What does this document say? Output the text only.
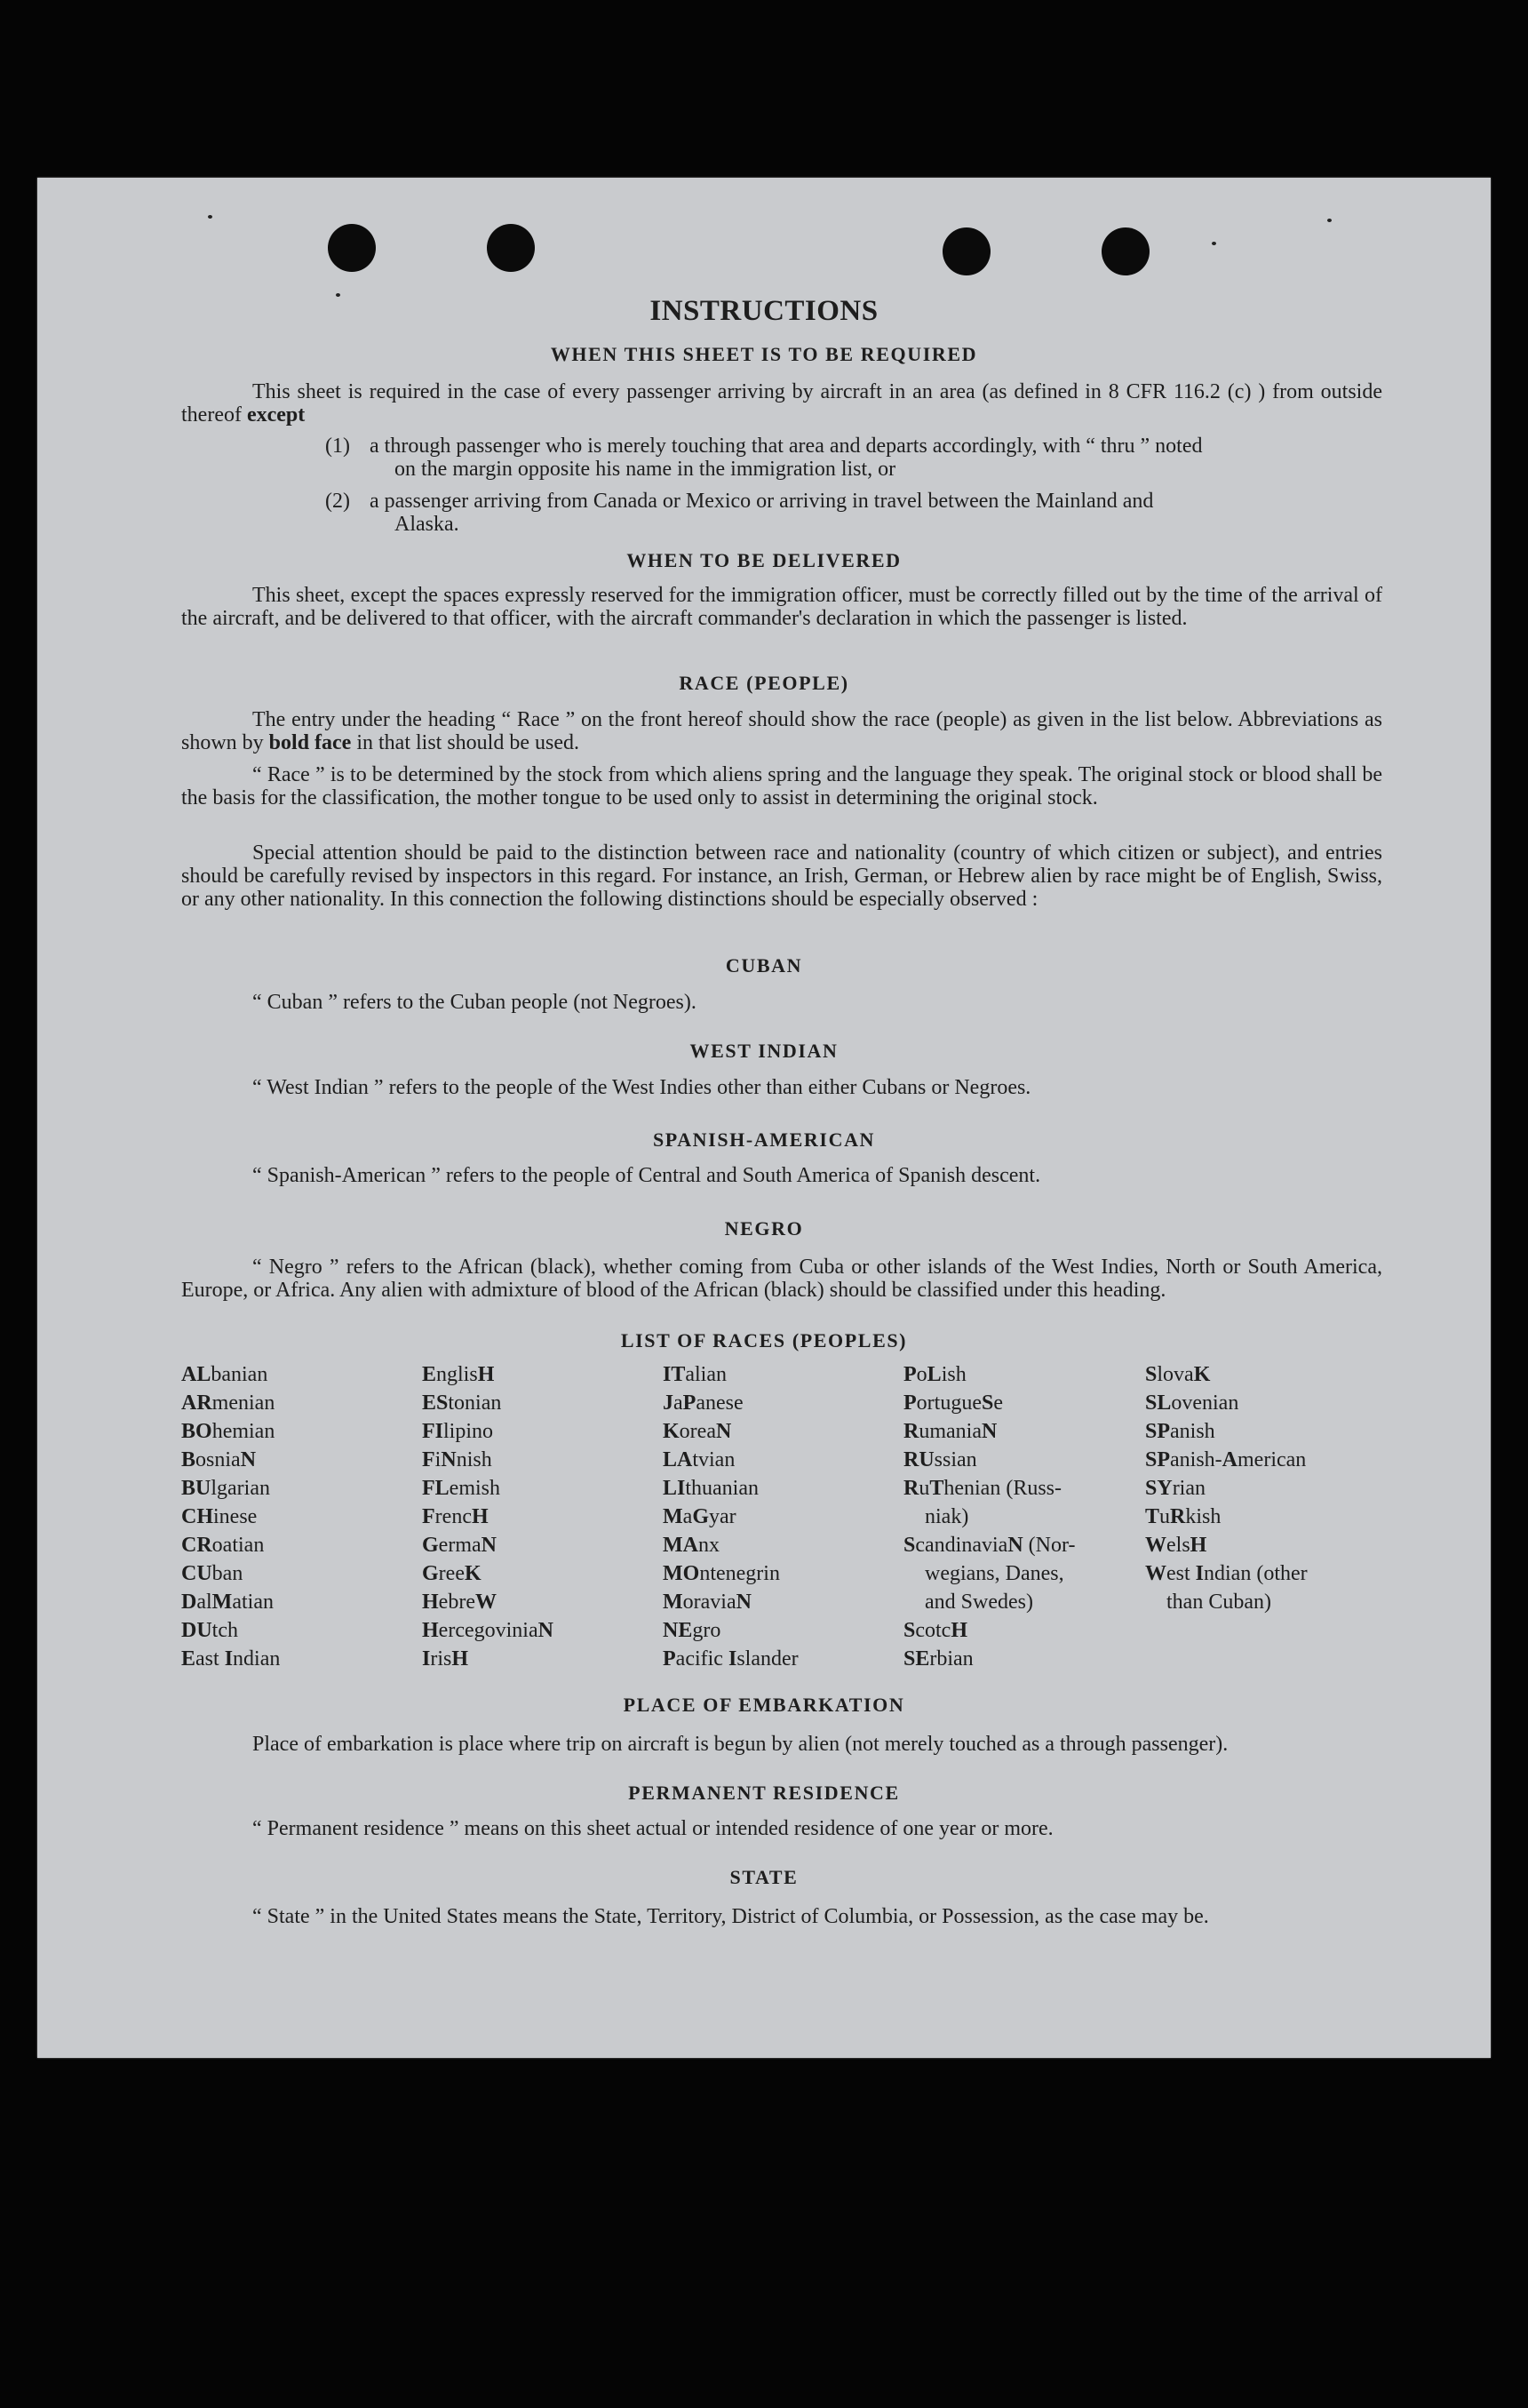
INSTRUCTIONS
WHEN THIS SHEET IS TO BE REQUIRED
This sheet is required in the case of every passenger arriving by aircraft in an area (as defined in 8 CFR 116.2 (c) ) from outside thereof except
(1) a through passenger who is merely touching that area and departs accordingly, with “ thru ” noted
on the margin opposite his name in the immigration list, or
(2) a passenger arriving from Canada or Mexico or arriving in travel between the Mainland and
Alaska.
WHEN TO BE DELIVERED
This sheet, except the spaces expressly reserved for the immigration officer, must be correctly filled out by the time of the arrival of the aircraft, and be delivered to that officer, with the aircraft commander's declaration in which the passenger is listed.
RACE (PEOPLE)
The entry under the heading “ Race ” on the front hereof should show the race (people) as given in the list below. Abbreviations as shown by bold face in that list should be used.
“ Race ” is to be determined by the stock from which aliens spring and the language they speak. The original stock or blood shall be the basis for the classification, the mother tongue to be used only to assist in determining the original stock.
Special attention should be paid to the distinction between race and nationality (country of which citizen or subject), and entries should be carefully revised by inspectors in this regard. For instance, an Irish, German, or Hebrew alien by race might be of English, Swiss, or any other nationality. In this connection the following distinctions should be especially observed :
CUBAN
“ Cuban ” refers to the Cuban people (not Negroes).
WEST INDIAN
“ West Indian ” refers to the people of the West Indies other than either Cubans or Negroes.
SPANISH-AMERICAN
“ Spanish-American ” refers to the people of Central and South America of Spanish descent.
NEGRO
“ Negro ” refers to the African (black), whether coming from Cuba or other islands of the West Indies, North or South America, Europe, or Africa. Any alien with admixture of blood of the African (black) should be classified under this heading.
LIST OF RACES (PEOPLES)
ALbanian
ARmenian
BOhemian
BosniaN
BUlgarian
CHinese
CRoatian
CUban
DalMatian
DUtch
East Indian
EnglisH
EStonian
FIlipino
FiNnish
FLemish
FrencH
GermaN
GreeK
HebreW
HercegoviniaN
IrisH
ITalian
JaPanese
KoreaN
LAtvian
LIthuanian
MaGyar
MAnx
MOntenegrin
MoraviaN
NEgro
Pacific Islander
PoLish
PortugueSe
RumaniaN
RUssian
RuThenian (Russ-
niak)
ScandinaviaN (Nor-
wegians, Danes,
and Swedes)
ScotcH
SErbian
SlovaK
SLovenian
SPanish
SPanish-American
SYrian
TuRkish
WelsH
West Indian (other
than Cuban)
PLACE OF EMBARKATION
Place of embarkation is place where trip on aircraft is begun by alien (not merely touched as a through passenger).
PERMANENT RESIDENCE
“ Permanent residence ” means on this sheet actual or intended residence of one year or more.
STATE
“ State ” in the United States means the State, Territory, District of Columbia, or Possession, as the case may be.
